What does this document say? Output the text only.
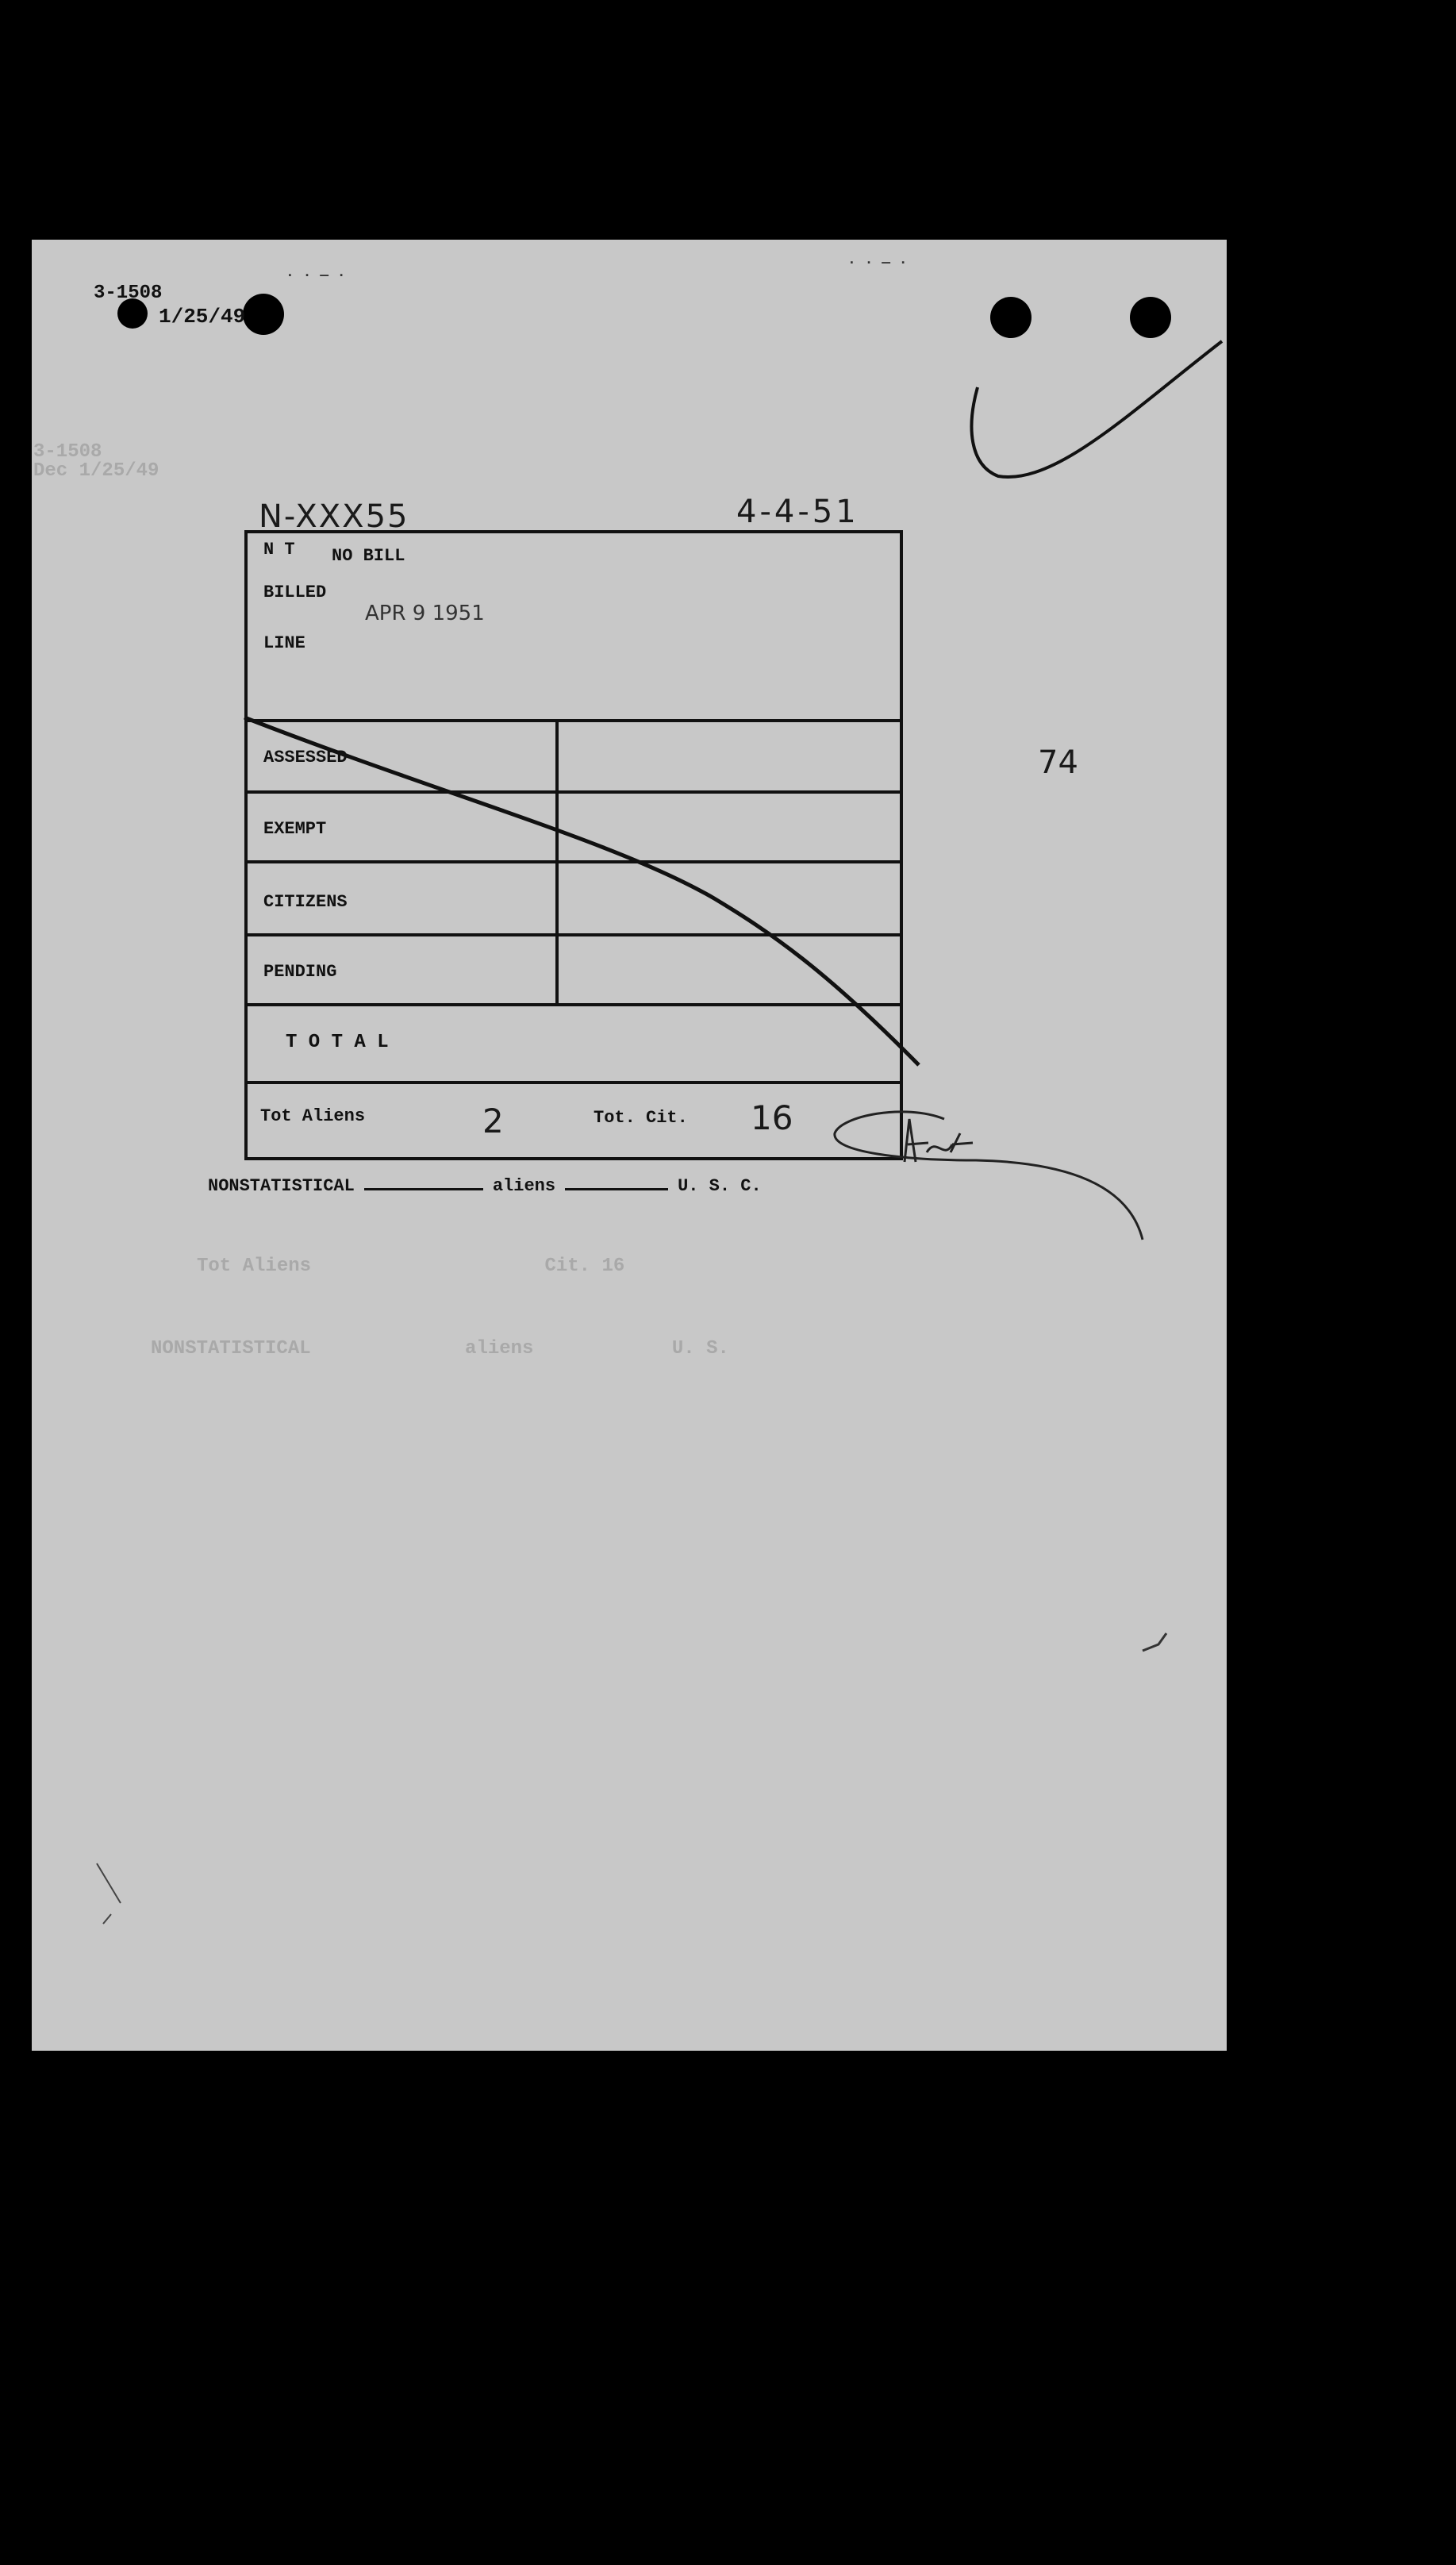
3-1508
Dec 1/25/49
Tot Aliens	Cit. 16
NONSTATISTICAL	aliens	U. S.
3-1508
1/25/49
· · — ·
· · — ·
N-XXX55	4-4-51
N T NO BILL
BILLED
APR 9 1951
LINE
ASSESSED
EXEMPT
CITIZENS
PENDING
T O T A L
Tot Aliens	2	Tot. Cit. 16
NONSTATISTICAL	aliens	U. S. C.
74
